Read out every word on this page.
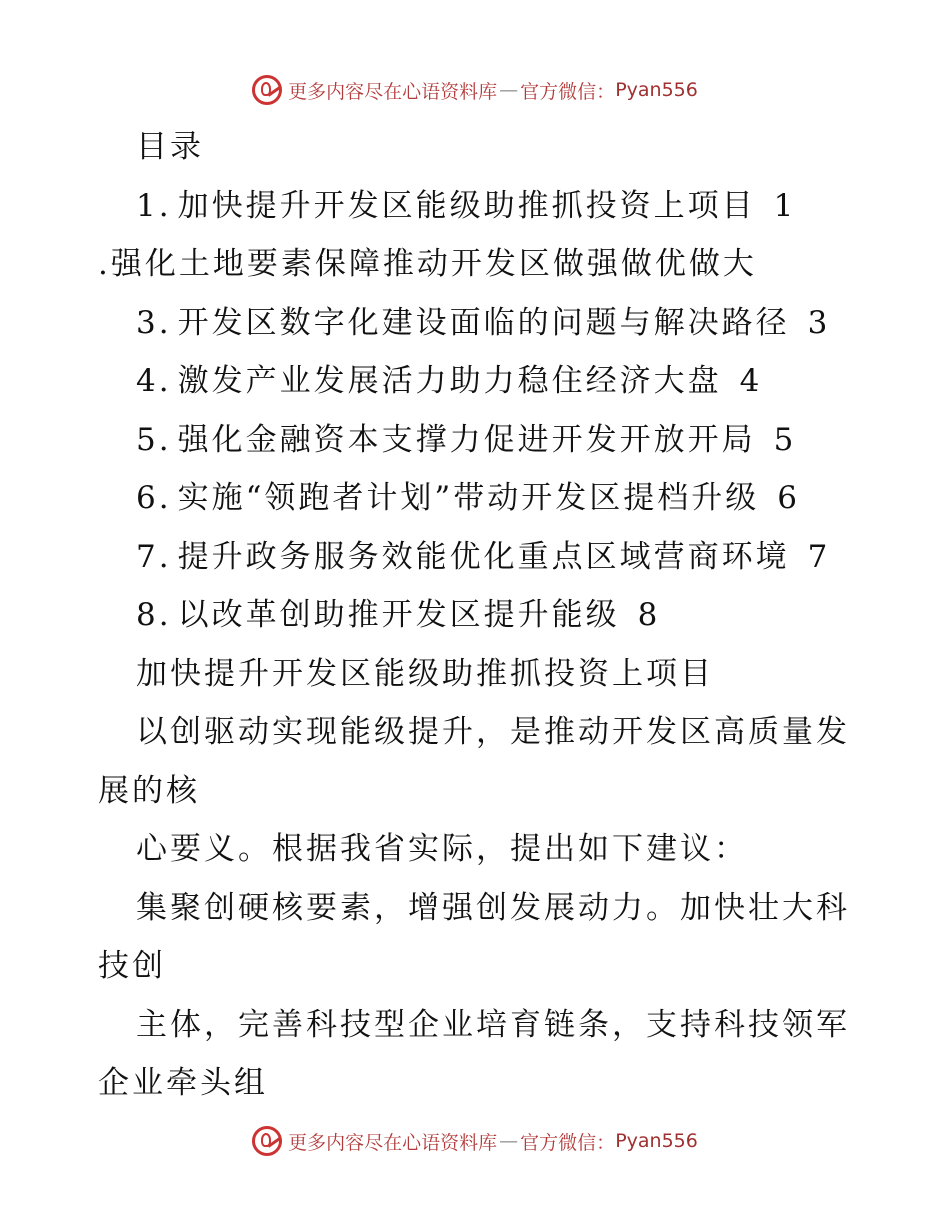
更多内容尽在心语资料库 — 官方微信： Pyan556
目录
1. 加快提升开发区能级助推抓投资上项目 1
.强化土地要素保障推动开发区做强做优做大
3. 开发区数字化建设面临的问题与解决路径 3
4. 激发产业发展活力助力稳住经济大盘 4
5. 强化金融资本支撑力促进开发开放开局 5
6. 实施“领跑者计划”带动开发区提档升级 6
7. 提升政务服务效能优化重点区域营商环境 7
8. 以改革创助推开发区提升能级 8
加快提升开发区能级助推抓投资上项目
以创驱动实现能级提升，是推动开发区高质量发展的核
心要义。根据我省实际，提出如下建议：
集聚创硬核要素，增强创发展动力。加快壮大科技创
主体，完善科技型企业培育链条，支持科技领军企业牵头组
更多内容尽在心语资料库 — 官方微信： Pyan556
